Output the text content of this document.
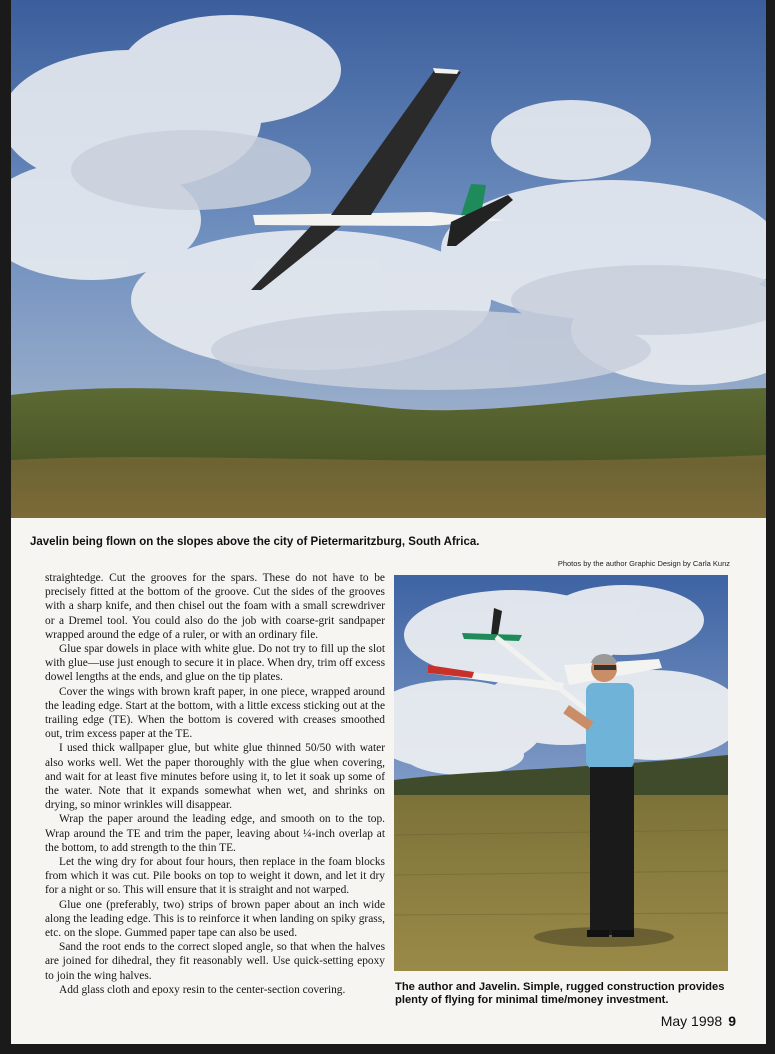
Javelin being flown on the slopes above the city of Pietermaritzburg, South Africa.
Photos by the author Graphic Design by Carla Kunz

straightedge. Cut the grooves for the spars. These do not have to be precisely fitted at the bottom of the groove. Cut the sides of the grooves with a sharp knife, and then chisel out the foam with a small screwdriver or a Dremel tool. You could also do the job with coarse-grit sandpaper wrapped around the edge of a ruler, or with an ordinary file.

Glue spar dowels in place with white glue. Do not try to fill up the slot with glue—use just enough to secure it in place. When dry, trim off excess dowel lengths at the ends, and glue on the tip plates.

Cover the wings with brown kraft paper, in one piece, wrapped around the leading edge. Start at the bottom, with a little excess sticking out at the trailing edge (TE). When the bottom is covered with creases smoothed out, trim excess paper at the TE.

I used thick wallpaper glue, but white glue thinned 50/50 with water also works well. Wet the paper thoroughly with the glue when covering, and wait for at least five minutes before using it, to let it soak up some of the water. Note that it expands somewhat when wet, and shrinks on drying, so minor wrinkles will disappear.

Wrap the paper around the leading edge, and smooth on to the top. Wrap around the TE and trim the paper, leaving about ¼-inch overlap at the bottom, to add strength to the thin TE.

Let the wing dry for about four hours, then replace in the foam blocks from which it was cut. Pile books on top to weight it down, and let it dry for a night or so. This will ensure that it is straight and not warped.

Glue one (preferably, two) strips of brown paper about an inch wide along the leading edge. This is to reinforce it when landing on spiky grass, etc. on the slope. Gummed paper tape can also be used.

Sand the root ends to the correct sloped angle, so that when the halves are joined for dihedral, they fit reasonably well. Use quick-setting epoxy to join the wing halves.

Add glass cloth and epoxy resin to the center-section covering.	The author and Javelin. Simple, rugged construction provides plenty of flying for minimal time/money investment.
May 1998 9
